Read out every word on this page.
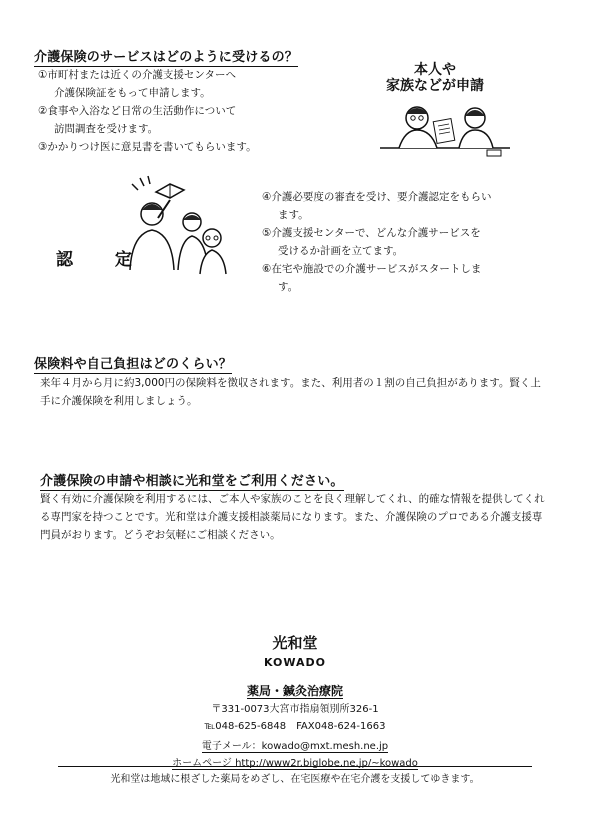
介護保険のサービスはどのように受けるの？
①市町村または近くの介護支援センターへ
介護保険証をもって申請します。
②食事や入浴など日常の生活動作について
訪問調査を受けます。
③かかりつけ医に意見書を書いてもらいます。
本人や
家族などが申請
認 定
④介護必要度の審査を受け、要介護認定をもらい
ます。
⑤介護支援センターで、どんな介護サービスを
受けるか計画を立てます。
⑥在宅や施設での介護サービスがスタートしま
す。
保険料や自己負担はどのくらい？
来年４月から月に約3,000円の保険料を徴収されます。また、利用者の１割の自己負担があります。賢く上手に介護保険を利用しましょう。
介護保険の申請や相談に光和堂をご利用ください。
賢く有効に介護保険を利用するには、ご本人や家族のことを良く理解してくれ、的確な情報を提供してくれる専門家を持つことです。光和堂は介護支援相談薬局になります。また、介護保険のプロである介護支援専門員がおります。どうぞお気軽にご相談ください。
光和堂
KOWADO
薬局・鍼灸治療院
〒331-0073大宮市指扇領別所326-1
℡048-625-6848　FAX048-624-1663
電子メール：kowado@mxt.mesh.ne.jp
ホームページ http://www2r.biglobe.ne.jp/~kowado
光和堂は地域に根ざした薬局をめざし、在宅医療や在宅介護を支援してゆきます。
